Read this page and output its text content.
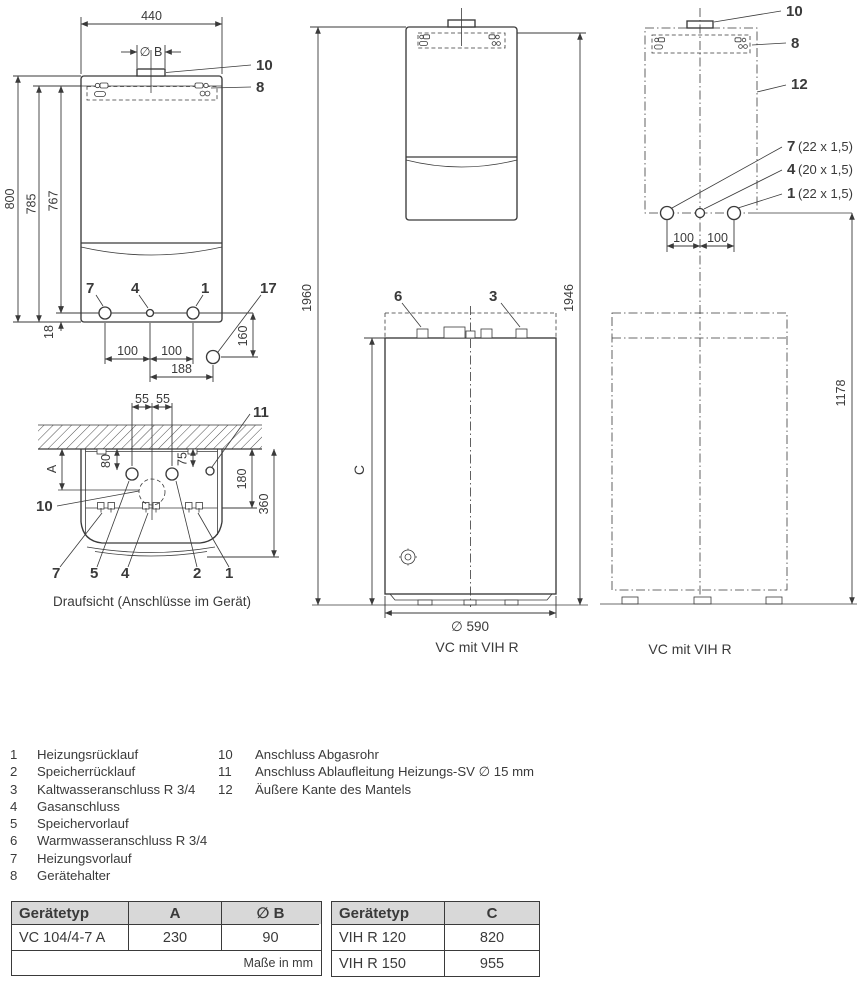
440
∅ B
800 785 767
18
100 100
188
160
10
8
7 4	1	17
55 55
A
80	75
180
360
11
10
7 5 4	2 1
Draufsicht (Anschlüsse im Gerät)
1960	1946
C
∅ 590
6	3
VC mit VIH R
100 100
1178
10
8
12
7 (22 x 1,5)
4 (20 x 1,5)
1 (22 x 1,5)
VC mit VIH R
1	Heizungsrücklauf
2	Speicherrücklauf
3	Kaltwasseranschluss R 3/4
4	Gasanschluss
5	Speichervorlauf
6	Warmwasseranschluss R 3/4
7	Heizungsvorlauf
8	Gerätehalter
10	Anschluss Abgasrohr
11	Anschluss Ablaufleitung Heizungs-SV ∅ 15 mm
12	Äußere Kante des Mantels
Gerätetyp	A	∅ B
VC 104/4-7 A	230	90
Maße in mm
Gerätetyp	C
VIH R 120	820
VIH R 150	955
